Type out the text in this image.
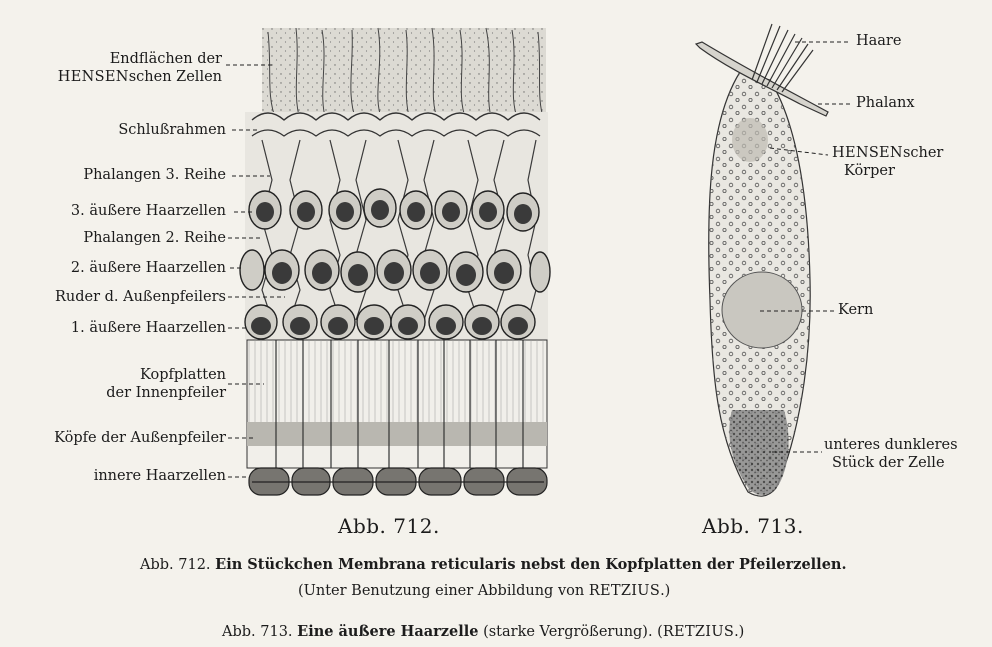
Endflächen der
HENSENschen Zellen
Schlußrahmen
Phalangen 3. Reihe
3. äußere Haarzellen
Phalangen 2. Reihe
2. äußere Haarzellen
Ruder d. Außenpfeilers
1. äußere Haarzellen
Kopfplatten
der Innenpfeiler
Köpfe der Außenpfeiler
innere Haarzellen
Abb. 712.
Haare
Phalanx
HENSENscher
Körper
Kern
unteres dunkleres
Stück der Zelle
Abb. 713.
Abb. 712. Ein Stückchen Membrana reticularis nebst den Kopfplatten der Pfeilerzellen.
(Unter Benutzung einer Abbildung von RETZIUS.)
Abb. 713. Eine äußere Haarzelle (starke Vergrößerung). (RETZIUS.)
